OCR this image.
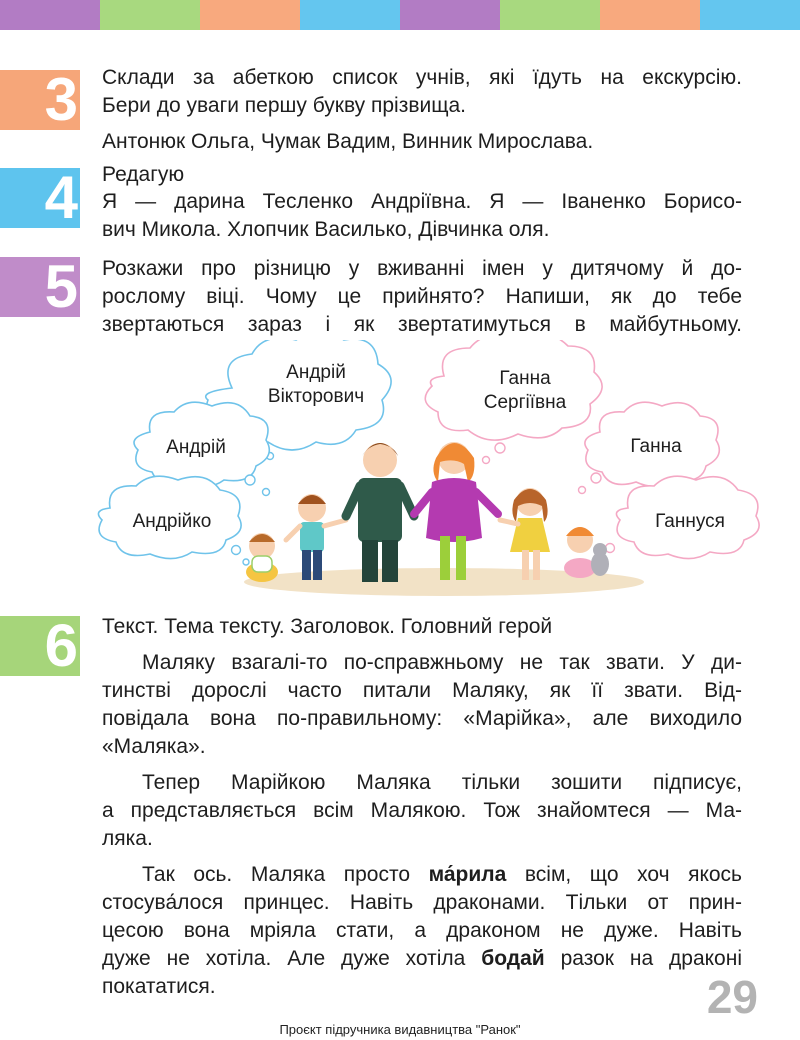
3 Склади за абеткою список учнів, які їдуть на екскурсію.

Бери до уваги першу букву прізвища.

Антонюк Ольга, Чумак Вадим, Винник Мирослава.

4 Редагую

Я — дарина Тесленко Андріївна. Я — Іваненко Борисо-

вич Микола. Хлопчик Василько, Дівчинка оля.

5 Розкажи про різницю у вживанні імен у дитячому й до-

рослому віці. Чому це прийнято? Напиши, як до тебе

звертаються зараз і як звертатимуться в майбутньому.

Андрій
Вікторович
Андрій
Андрійко
Ганна
Сергіївна
Ганна
Ганнуся
6 Текст. Тема тексту. Заголовок. Головний герой

Маляку взагалі-то по-справжньому не так звати. У ди-

тинстві дорослі часто питали Маляку, як її звати. Від-

повідала вона по-правильному: «Марійка», але виходило

«Маляка».

Тепер Марійкою Маляка тільки зошити підписує,

а представляється всім Малякою. Тож знайомтеся — Ма-

ляка.

Так ось. Маляка просто ма́рила всім, що хоч якось

стосува́лося принцес. Навіть драконами. Тільки от прин-

цесою вона мріяла стати, а драконом не дуже. Навіть

дуже не хотіла. Але дуже хотіла бодай разок на драконі

покататися.	29
Проєкт підручника видавництва "Ранок"
